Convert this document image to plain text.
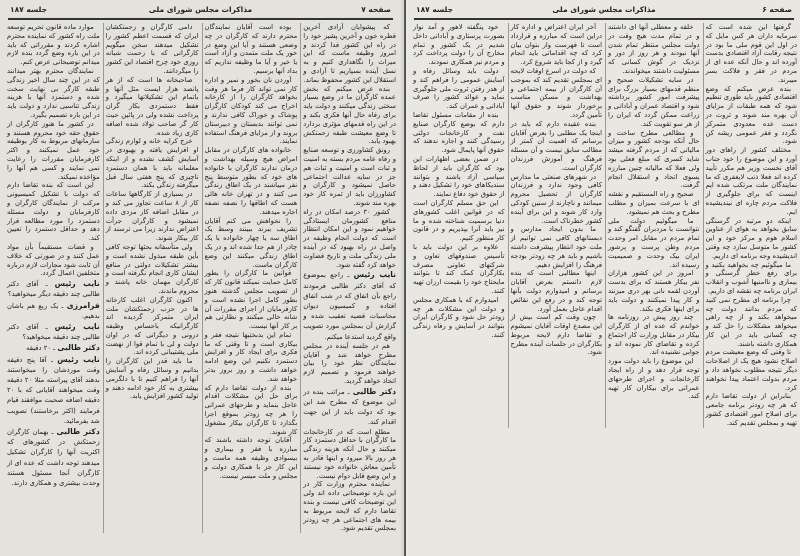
صفحه ۷
مذاکرات مجلس شورای ملی
جلسه ۱۸۷

که پیشوایان آزادی آخرین قطره خون و آخرین پشیز خود را در راه این کشور فدا کردند و امروز وظیفه ماست که این میراث را نگاهداری کنیم و به نسل آینده بسپاریم تا آزادی و استقلال این کشور محفوظ بماند.

بنده عرض میکنم که بخش عمده کارگران ما در وضع بسیار سختی زندگی میکنند و دولت باید برای رفاه حال آنها فکری بکند و در این راه قدمهای مؤثری بردارد تا وضع معیشت طبقه زحمتکش بهبود یابد.

رونق کشاورزی و توسعه صنایع و رفاه عامه مردم بسته به امنیت و ثبات است و امنیت و ثبات هم جز در سایه عدالت اجتماعی حاصل نمیشود و کارگران و کشاورزان باید از ثمره کار خود بهره مند شوند.

کشور ۳۰ درصد امکان در راه منافع کشورمان ایستادگی خواهیم نمود و این امکان انتظار است که دولت انجام وظیفه در واصل در راه بهبود که در آینده ملی زندگی ملت و تاریخ قضاوت خواهد کرد گفته شود.

نایب رئیس ـ راجع بموضوع که آقای دکتر طالبی فرمودند راجع بآن اتفاق که در شب اتفاق افتاده و کمیسیون دیوان محاسبات قضیه تعقیب شده و گزارش آن بمجلس مورد تصویب واقع گردید استدعا میکنم.

هم در جلسه آینده در مجلس مطرح خواهد شد و آقایان نمایندگان نظر خود را بیان خواهند فرمود و تصمیم لازم اتخاذ خواهد گردید.

دکتر طالبی ـ مراتب بنده در این موضوع که مطرح شد این بود که دولت باید از این جهت اقدام کند.

مطلع است که در کارخانجات ما کارگران با حداقل دستمزد کار میکنند و حال آنکه هزینه زندگی هر روز بالا میرود و اینها قادر به تأمین معاش خانواده خود نیستند و این وضع قابل دوام نیست.

نماینده محترم وزارت کار در این باره توضیحاتی داده اند ولی این توضیحات کافی نیست و بنده تقاضا دارم که لایحه مربوط به بیمه های اجتماعی هر چه زودتر بمجلس تقدیم شود.

بوده است آقایان نمایندگان محترم دارند که کارگران در چه وضعی هستند و آیا این وضع در خور یک ملت متمدن و آزاد است یا خیر و آیا ما وظیفه نداریم که بداد آنها برسیم.

آوردن نان بخور و نمیر و اداره کار نمی تواند کار فرما هر وقت بخواهد کارگران را از کارخانه اخراج می کند کودکان کارگران پوشاک و خوراک کافی ندارند و نمی توانند بدبستان و دبیرستان بروند و از مزایای فرهنگ استفاده نمایند.

خانواده های کارگران در مقابل امراض هیچ وسیله بهداشت و درمان ندارند کارگران با خانواده های خود که بطور متوسط پنج نفر میباشند در یک اطاق زندگی می کنند و در تهران خانه هائی هست که اطاقها را نصفه نصفه اجاره میدهند.

را نخواهش می کنم آقایان تشریف ببرند ببینند وسط یک اطاق سه یا چهار خانواده با یک چادر از هم جدا شده اند و در یک اطاق زندگی میکنند این وضع کارگران ماست.

قوانین ما کارگران را بطور کامل حمایت نمیکند قانون کار که از تصویب مجلس گذشته هنوز بطور کامل اجرا نشده است و کارفرمایان از اجرای مقررات آن شانه خالی میکنند و نظارتی هم بر کار آنها نیست.

تمام این بدبختیها نتیجه فقر و بیکاری است و تا وقتی که ما فکری برای ایجاد کار و افزایش دستمزد نکنیم این وضع ادامه خواهد داشت و روز بروز بدتر خواهد شد.

بنده از دولت تقاضا دارم که برای حل این مشکلات اقدام عاجل بنماید و طرحهای عمرانی را هر چه زودتر بموقع اجرا بگذارد تا کارگران بیکار مشغول کار شوند.

آقایان توجه داشته باشند که مبارزه با فقر و بیماری و بیسوادی وظیفه همه ماست و این کار جز با همکاری دولت و مجلس و ملت میسر نیست.

دامی کارگران و زحمتکشان ایران که قسمت اعظم کشور را تشکیل میدهند سخن میگویم کارگرانی که با زحمت شبانه روزی خود چرخ اقتصاد این کشور را میگردانند.

صاحبخانه ها است که از هر پانصد هزار ایست مثل آنها و باتمام این تشکیلاتها میگیرد و فقط دستمزدی بکار گران پرداخت نشده ولی در پائین حیث کار گر صاحب تولاد شده اضافه کاری زیاد شده.

خرج کرایه خانه و لوازم زندگی او افزایش یافته و بهبودی در آسایش کشف نشده و از اینکه معلمانه باید با همان دستمزد ناچیزی که پنج هفتی سال قبل میگرفته زندگی بکند.

در بسیاری از کارگاهها ساعات کار از ۸ ساعت تجاوز می کند و در مقابل اضافه کار مزدی داده نمیشود و کارگران جرأت اعتراض ندارند زیرا می ترسند از کار بیکار شوند.

ولی متأسفانه بحثها توجه کافی بأین طبقه مبذول نشده است و بیشتر تشکیلات دولتی در منافع ایشان کاری انجام نگرفته است و کارگران مهمان خانه پاشند و محروم ماندند.

اکنون کارگران اغلب کارخانه ها در حزب زحمتکشان ملت ایران متمرکز گردیده اند کارگرانیکه باحساس وظیفه درونی و دیگرانی که در اوان دولت و لی با تمام قوا از نهضت ملی پشتیبانی کرده اند.

ما باید قدر این کارگران را بدانیم و وسائل رفاه و آسایش آنها را فراهم کنیم تا با دلگرمی بیشتری به کار خود ادامه دهند و تولید کشور افزایش یابد.

موارد ماده قانون تحریم توسعه ملت راه کشور که نماینده محترم اشاره کردند و مقرراتی که باید در این باره وضع گردد بنده لازم میدانم توضیحاتی عرض کنم.

نمایندگان محترم بهتر میدانند که در این چند سال اخیر زندگی طبقه کارگر بی نهایت سخت شده و دستمزد آنها با هزینه زندگی تناسبی ندارد و دولت باید در این باره تصمیم بگیرد.

در کشور ما هنوز کارگران از حقوق حقه خود محروم هستند و سازمانهای مربوط به کار بوظیفه خود عمل نمیکنند و اکثر کارفرمایان مقررات را رعایت نمی نمایند و کسی هم آنها را مؤاخذه نمیکند.

این است که بنده تقاضا دارم که دولت با تشکیل کمیسیونی مرکب از نمایندگان کارگران و کارفرمایان و دولت مسئله دستمزد را مورد مطالعه قرار دهد و حداقل دستمزد را تعیین کند.

و قضات مستقیماً بأن مواد عمل کنند و در صورتی که خلاف آن ثابت شود مجازات لازم درباره متخلفین اعمال گردد.

نایب رئیس ـ آقای دکتر طالبی چند دقیقه دیگر میخواهید؟
فرامرزی ـ یک ربع هم باشان بدهیم.
نایب رئیس ـ آقای دکتر طالبی چند دقیقه میخواهید؟
دکتر طالبی ـ ۲۰ دقیقه
نایب رئیس ـ آقا پنج دقیقه وقت موردشان را میخواستند بدهند آقای پیراسته مثلا ۲۰ دقیقه وقت میخواهند آقایانی که با ۲۰ دقیقه اضافه صحبت موافقند قیام فرمایند (اکثر برخاستند) تصویب شد بفرمائید.
دکتر طالبی ـ بهمان کارگران زحمتکش در کشورهای که اکثریت آنها را کارگران تشکیل میدهند توجه داشت که عده ای از کارگران آنجا مسئول هستند وحدت بیشتری و همکاری دارند.
صفحه ۶
مذاکرات مجلس شورای ملی
جلسه ۱۸۷

گرفتها این شده است که سرمایه داران هر کس مایل که در اول این قوم ملی ما بود در نتیجه رقابت آزاد اقتصادی بدست آورده اند و حال آنکه عده ای از مردم در فقر و فلاکت بسر میبرند.

بنده عرض میکنم که وضع اقتصادی کشور باید طوری تنظیم شود که همه طبقات از مزایای آن بهره مند شوند و ثروت در دست عده معدودی متمرکز نگردد و فقر عمومی ریشه کن شود.

مختلف کشور از راهای دور آورد و این موضوع را خود جناب آقای نخست وزیر هم مکرر تأیید کرده اند فعلا ذنب لایغفری که ما نمایندگان ملت مرتکب شده ایم اینست که برای جلوگیری از فلاکت مردم چاره ای نیندیشیده ایم.

اینکه دو مرتبه در گرسنگی سابق بخواهد به هوای از عناوین اسلام هوم و مرکز خود و این کشور ما متوسل سازد چه وقتی اندیشیده وجه برنامه ای داریم.

ما میگوئیم چه بخواهید بکنید و برای رفع خطر گرسنگی و بیماری و ناامنیها آشوب و انقلاب ایران برنامه چه نقشه ای داریم.

چرا برنامه ای مطرح نمی کنید که مردم بدانند دولت چه میخواهد بکند و از چه راهی میخواهد مشکلات را حل کند و چه کسانی باید در این کار همکاری داشته باشند.

تا وقتی که وضع معیشت مردم اصلاح نشود هیچ یک از اصلاحات دیگر نتیجه مطلوب نخواهد داد و مردم بدولت اعتماد پیدا نخواهند کرد.

بنابراین از دولت تقاضا دارم که هر چه زودتر برنامه جامعی برای اصلاح امور اقتصادی کشور تهیه و بمجلس تقدیم کند.

خلقه و معطلی آنها ای داشتند و در تمام مدت هیچ وقت در دولت مجلس منتظر تمام شدن آنها نبودند و هر روز از دور و نزدیک در گوش کسانی که مسئولیت داشتند میخواندند.

در سایه تشکیلات صحیح و منظم قدمهای بسیار بزرگ برای پیشرفت امور کشور برداشته شود و اقتصاد عمران و آبادانی و زراعت ممکن گردد که ایران را از هر سو تقویت کند.

و مطالعی مطرح ساخت و حال آنکه بودجه کشور و میزان مالیاتی که از مردم گرفته میشد شاید کسری که مبلغ فعلی بود ولی فعلا که مالیاته چنین مبارزه بسوی اتحاد و استقلال انجام گرفت.

صحیح و راه المستقیم و نقشه ای با سرعت بمیزان و مطلب مطرح و بحث هم نمیشود.

ما میگوئیم دولت ملی نتوانست با مزدبران گفتگو کند و تمام مردم در مقابل امر وحدت مردم وطن پرست و پرشور ایران بیک وحدت و صمیمیت رسیده اند.

امروز در این کشور هزاران نفر بیکار هستند که برای بدست آوردن لقمه نانی بهر دری میزنند و کار پیدا نمیکنند و دولت باید برای اینها فکری بکند.

چند روز پیش در روزنامه ها خواندم که عده ای از کارگران بیکار در مقابل وزارت کار اجتماع کرده و تقاضای کار نموده اند و جوابی نشنیده اند.

این موضوع را باید دولت مورد توجه قرار دهد و از راه ایجاد کارخانجات و اجرای طرحهای عمرانی برای بیکاران کار تهیه کند.

آخر ایران اعتراض و اداره کار دراین است که مبارزه و قرارداد است تا فهرست وار بتوان بیان کرد که چه اقداماتی باید انجام گیرد و از کجا باید شروع کرد.

که دولت در اسرع اوقات لایحه ای بمجلس تقدیم کند که بموجب آن کارگران از بیمه اجتماعی و بهداشت و مسکن مناسب برخوردار شوند و حقوق آنها تأمین گردد.

بنده عقیده دارم که باید در اینجا یک مطلبی را بعرض آقایان برسانم که اهمیت آن کمتر از مطالب سابق نیست و آن مسئله فرهنگ و آموزش فرزندان کارگران است.

در شهرهای صنعتی ما مدارس کافی وجود ندارد و فرزندان کارگران از تحصیل محروم میمانند و ناچارند از سنین کودکی وارد کار شوند و این برای آینده کشور خطرناک است.

ما بدون ایجاد مدارس و دبستانهای کافی نمی توانیم از ملت خود انتظار پیشرفت داشته باشیم و باید هر چه زودتر بودجه فرهنگ را افزایش دهیم.

اینها مطالبی است که بنده لازم دانستم بعرض آقایان برسانم و امیدوارم دولت بآنها توجه کند و در رفع این نقائص اقدام عاجل بعمل آورد.

چون وقت کم است بیش از این مصدع اوقات آقایان نمیشوم و تقاضا دارم لایحه مربوط بکارگران در جلسات آینده مطرح شود.

خود پنگفته لاهور و آمد نوار بصورت پرستاری و آبادانی داخل شدیم در یک کشور و تمام مخارج آن را دولت پرداخت کرد و مردم نیز همکاری نمودند.

دولت باید وسائل رفاه و آسایش عمومی را فراهم کند و از هدر رفتن ثروت ملی جلوگیری نماید و عوائد کشور را صرف آبادانی و عمران کند.

بنده از مقامات مسئول تقاضا دارم که بوضع کارگران صنایع نفت و کارخانجات دولتی رسیدگی کنند و اجازه ندهند که حقوق آنها پایمال شود.

در ضمن بعضی اظهارات این بود که کارگران باید از لحاظ سیاسی آزاد باشند و بتوانند سندیکاهای خود را تشکیل دهند و از حقوق خود دفاع نمایند.

این حق مسلم کارگران است که در قوانین اغلب کشورهای دنیا برسمیت شناخته شده و ما نیز باید آنرا بپذیریم و در قانون کار منظور کنیم.

علاوه بر این دولت باید با تأسیس صندوقهای تعاون و شرکتهای تعاونی مصرف بکارگران کمک کند تا بتوانند مایحتاج خود را بقیمت ارزان تهیه کنند.

امیدوارم که با همکاری مجلس و دولت این مشکلات هر چه زودتر حل شود و کارگران ایران بتوانند در آسایش و رفاه زندگی کنند.
